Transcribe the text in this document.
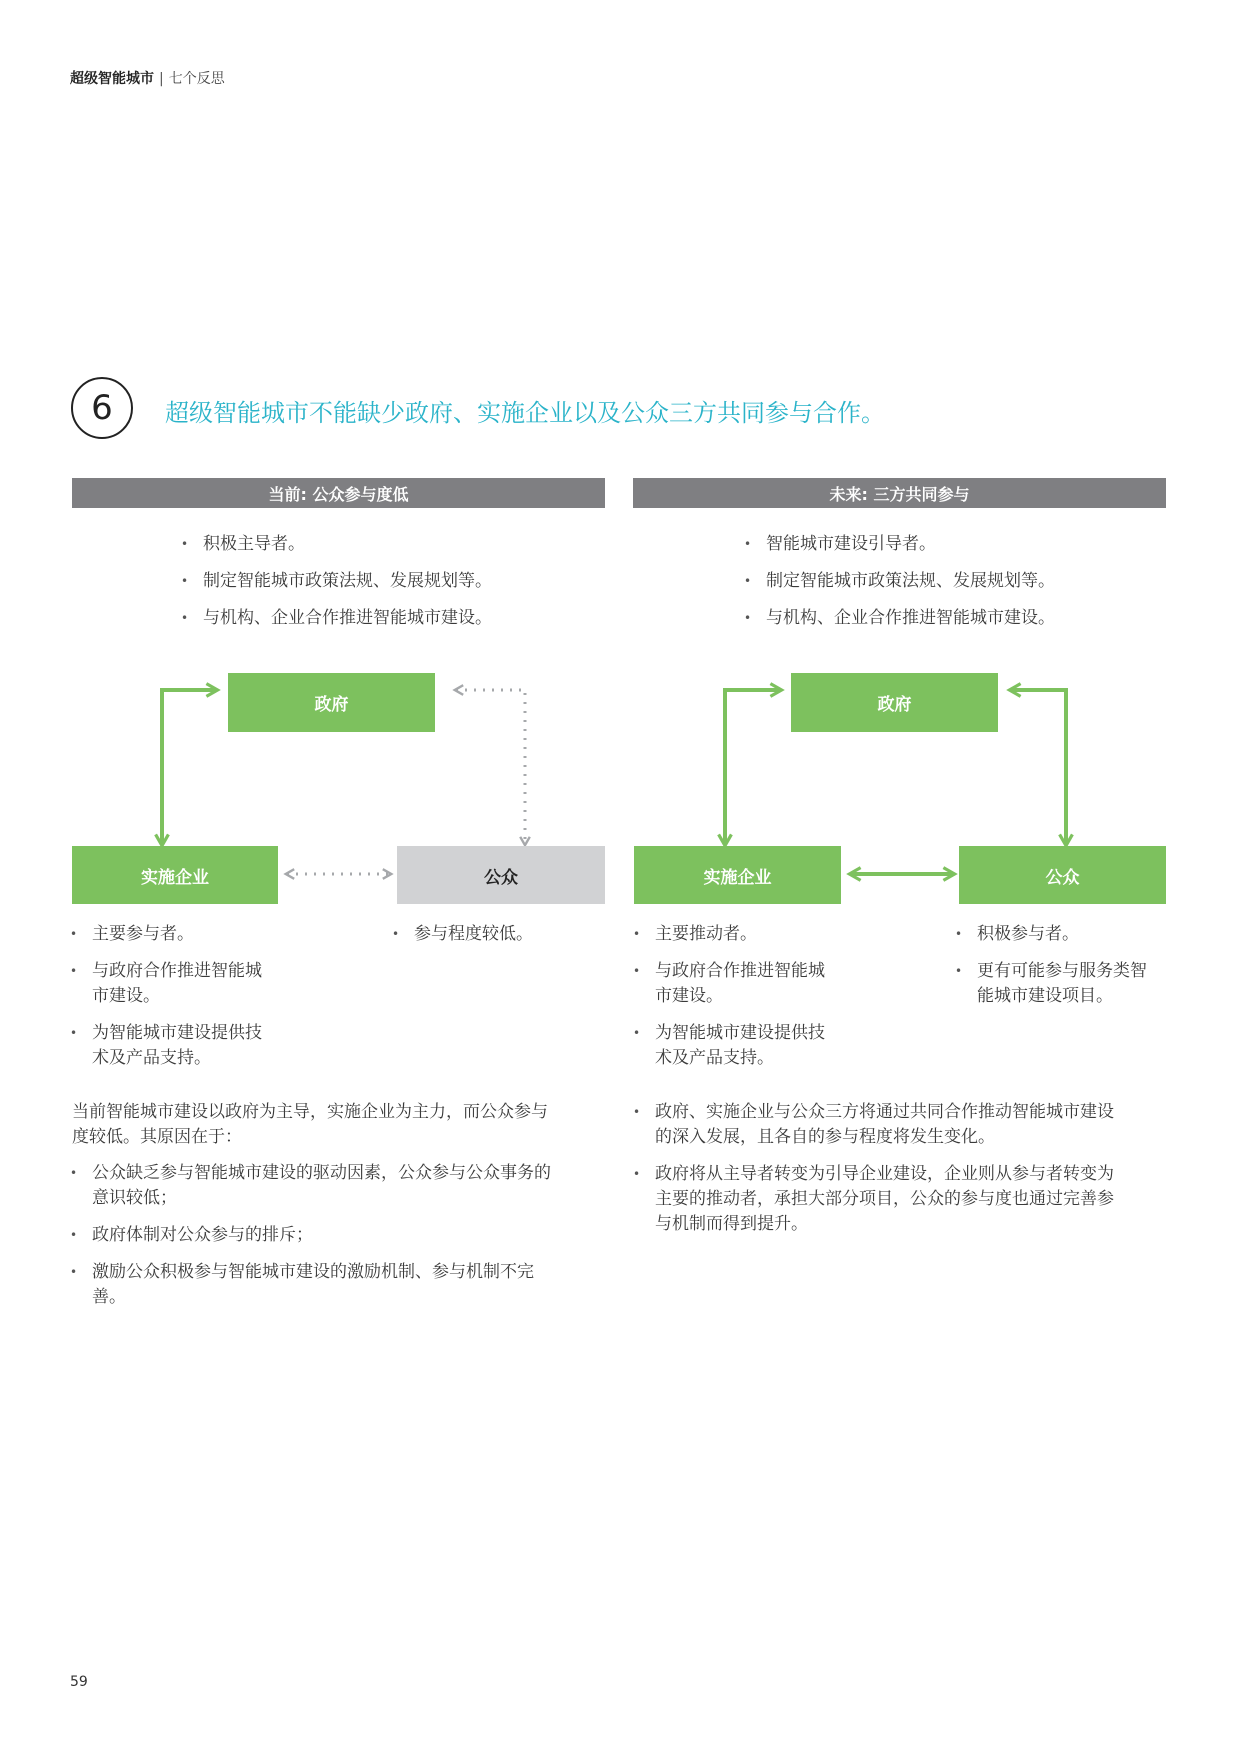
超级智能城市 | 七个反思
6 超级智能城市不能缺少政府、实施企业以及公众三方共同参与合作。
当前: 公众参与度低
• 积极主导者。
• 制定智能城市政策法规、发展规划等。
• 与机构、企业合作推进智能城市建设。
政府
实施企业	公众
• 主要参与者。
• 与政府合作推进智能城
市建设。
• 为智能城市建设提供技
术及产品支持。
• 参与程度较低。
当前智能城市建设以政府为主导，实施企业为主力，而公众参与
度较低。其原因在于：
• 公众缺乏参与智能城市建设的驱动因素，公众参与公众事务的
意识较低；
• 政府体制对公众参与的排斥；
• 激励公众积极参与智能城市建设的激励机制、参与机制不完
善。
未来: 三方共同参与
• 智能城市建设引导者。
• 制定智能城市政策法规、发展规划等。
• 与机构、企业合作推进智能城市建设。
政府
实施企业	公众
• 主要推动者。
• 与政府合作推进智能城
市建设。
• 为智能城市建设提供技
术及产品支持。
• 积极参与者。
• 更有可能参与服务类智
能城市建设项目。
• 政府、实施企业与公众三方将通过共同合作推动智能城市建设
的深入发展，且各自的参与程度将发生变化。
• 政府将从主导者转变为引导企业建设，企业则从参与者转变为
主要的推动者，承担大部分项目，公众的参与度也通过完善参
与机制而得到提升。
59
